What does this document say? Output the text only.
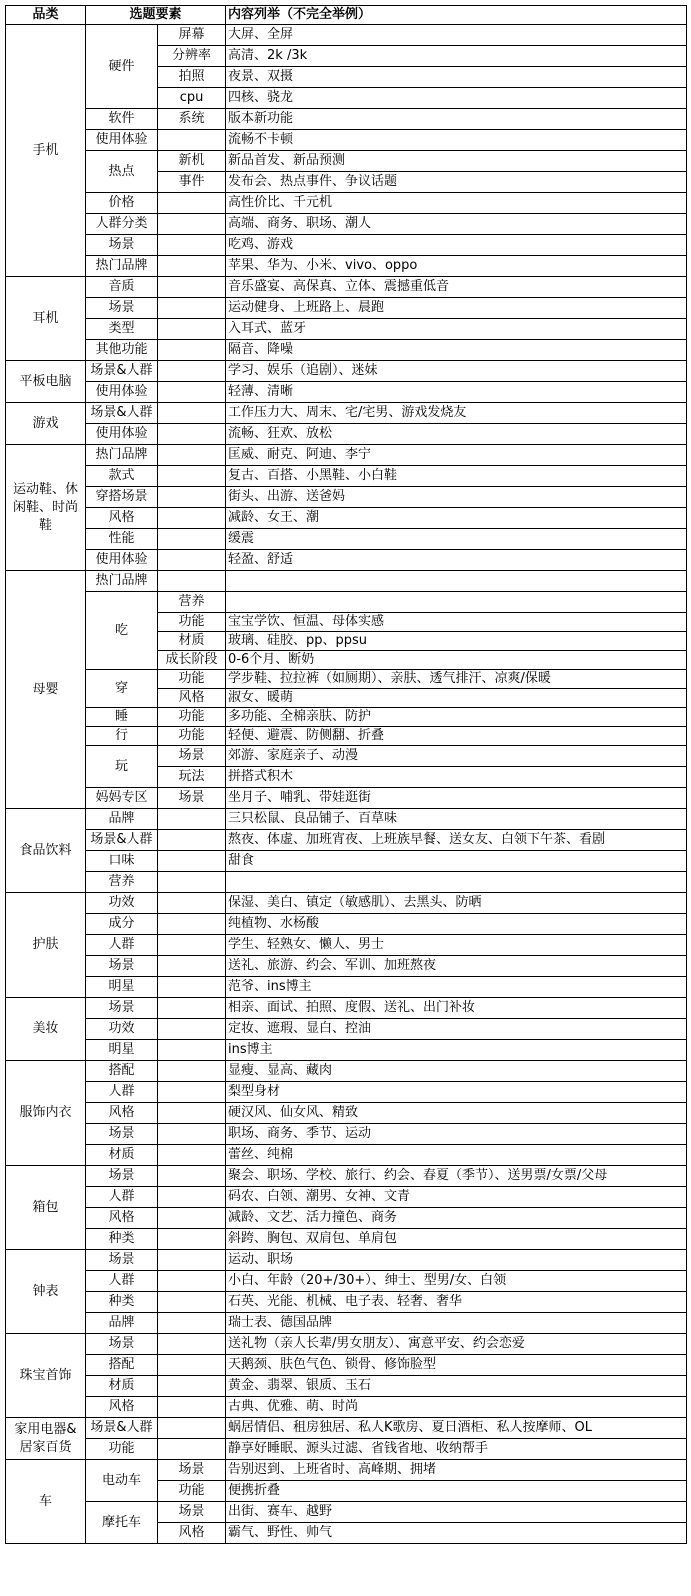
品类	选题要素		内容列举（不完全举例）
手机	硬件	屏幕	大屏、全屏
		分辨率	高清、2k /3k
		拍照	夜景、双摄
		cpu	四核、骁龙
	软件	系统	版本新功能
	使用体验		流畅不卡顿
	热点	新机	新品首发、新品预测
		事件	发布会、热点事件、争议话题
	价格		高性价比、千元机
	人群分类		高端、商务、职场、潮人
	场景		吃鸡、游戏
	热门品牌		苹果、华为、小米、vivo、oppo
耳机	音质		音乐盛宴、高保真、立体、震撼重低音
	场景		运动健身、上班路上、晨跑
	类型		入耳式、蓝牙
	其他功能		隔音、降噪
平板电脑	场景&人群		学习、娱乐（追剧）、迷妹
	使用体验		轻薄、清晰
游戏	场景&人群		工作压力大、周末、宅/宅男、游戏发烧友
	使用体验		流畅、狂欢、放松
运动鞋、休闲鞋、时尚鞋	热门品牌		匡威、耐克、阿迪、李宁
	款式		复古、百搭、小黑鞋、小白鞋
	穿搭场景		街头、出游、送爸妈
	风格		减龄、女王、潮
	性能		缓震
	使用体验		轻盈、舒适
母婴	热门品牌		
	吃	营养	
		功能	宝宝学饮、恒温、母体实感
		材质	玻璃、硅胶、pp、ppsu
		成长阶段	0-6个月、断奶
	穿	功能	学步鞋、拉拉裤（如厕期）、亲肤、透气排汗、凉爽/保暖
		风格	淑女、暖萌
	睡	功能	多功能、全棉亲肤、防护
	行	功能	轻便、避震、防侧翻、折叠
	玩	场景	郊游、家庭亲子、动漫
		玩法	拼搭式积木
	妈妈专区	场景	坐月子、哺乳、带娃逛街
食品饮料	品牌		三只松鼠、良品铺子、百草味
	场景&人群		熬夜、体虚、加班宵夜、上班族早餐、送女友、白领下午茶、看剧
	口味		甜食
	营养		
护肤	功效		保湿、美白、镇定（敏感肌）、去黑头、防晒
	成分		纯植物、水杨酸
	人群		学生、轻熟女、懒人、男士
	场景		送礼、旅游、约会、军训、加班熬夜
	明星		范爷、ins博主
美妆	场景		相亲、面试、拍照、度假、送礼、出门补妆
	功效		定妆、遮瑕、显白、控油
	明星		ins博主
服饰内衣	搭配		显瘦、显高、藏肉
	人群		梨型身材
	风格		硬汉风、仙女风、精致
	场景		职场、商务、季节、运动
	材质		蕾丝、纯棉
箱包	场景		聚会、职场、学校、旅行、约会、春夏（季节）、送男票/女票/父母
	人群		码农、白领、潮男、女神、文青
	风格		减龄、文艺、活力撞色、商务
	种类		斜跨、胸包、双肩包、单肩包
钟表	场景		运动、职场
	人群		小白、年龄（20+/30+）、绅士、型男/女、白领
	种类		石英、光能、机械、电子表、轻奢、奢华
	品牌		瑞士表、德国品牌
珠宝首饰	场景		送礼物（亲人长辈/男女朋友）、寓意平安、约会恋爱
	搭配		天鹅颈、肤色气色、锁骨、修饰脸型
	材质		黄金、翡翠、银质、玉石
	风格		古典、优雅、萌、时尚
家用电器&居家百货	场景&人群		蜗居情侣、租房独居、私人K歌房、夏日酒柜、私人按摩师、OL
	功能		静享好睡眠、源头过滤、省钱省地、收纳帮手
车	电动车	场景	告别迟到、上班省时、高峰期、拥堵
		功能	便携折叠
	摩托车	场景	出街、赛车、越野
		风格	霸气、野性、帅气
